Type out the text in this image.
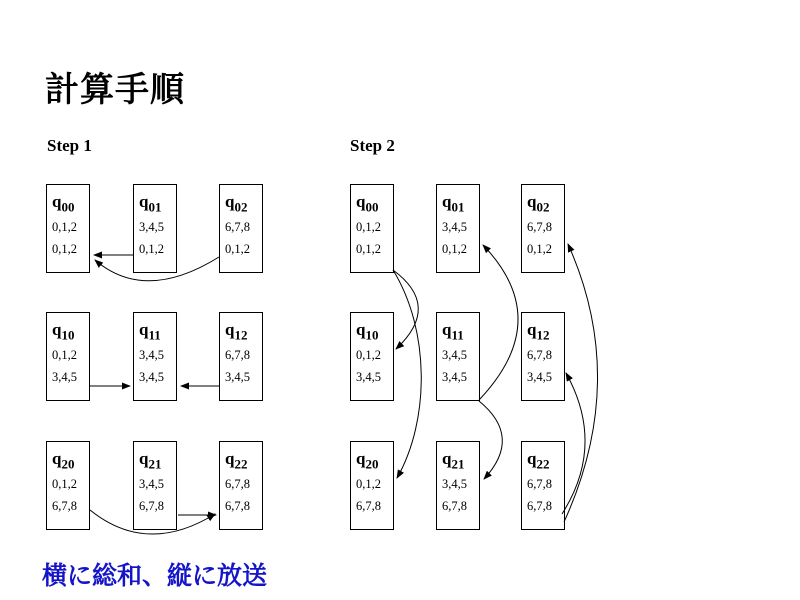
計算手順
Step 1	Step 2
$q_{00}$
0,1,2
0,1,2
$q_{01}$
3,4,5
0,1,2
$q_{02}$
6,7,8
0,1,2
$q_{10}$
0,1,2
3,4,5
$q_{11}$
3,4,5
3,4,5
$q_{12}$
6,7,8
3,4,5
$q_{20}$
0,1,2
6,7,8
$q_{21}$
3,4,5
6,7,8
$q_{22}$
6,7,8
6,7,8
$q_{00}$
0,1,2
0,1,2
$q_{01}$
3,4,5
0,1,2
$q_{02}$
6,7,8
0,1,2
$q_{10}$
0,1,2
3,4,5
$q_{11}$
3,4,5
3,4,5
$q_{12}$
6,7,8
3,4,5
$q_{20}$
0,1,2
6,7,8
$q_{21}$
3,4,5
6,7,8
$q_{22}$
6,7,8
6,7,8
横に総和、縦に放送
